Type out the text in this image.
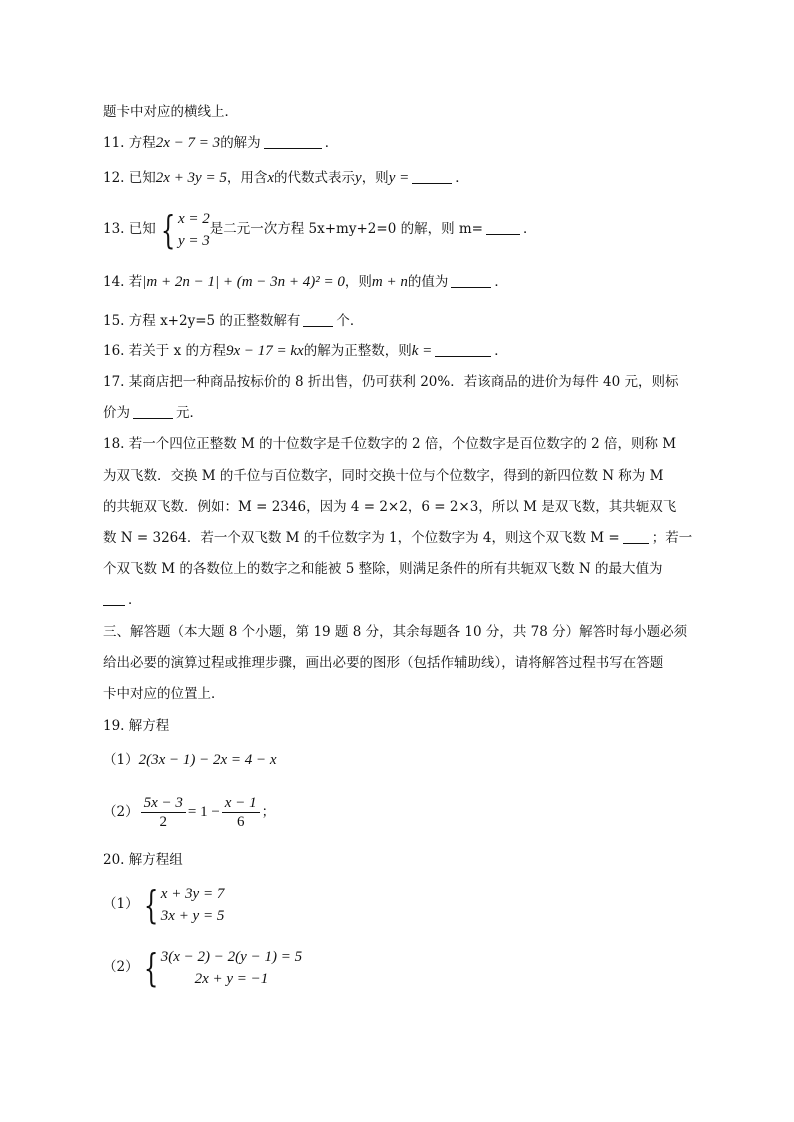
题卡中对应的横线上．
11. 方程2x − 7 = 3的解为	．
12. 已知2x + 3y = 5，用含x的代数式表示y，则y =	．
13. 已知 { x = 2
y = 3
是二元一次方程 5x+my+2=0 的解，则 m=	．
14. 若|m + 2n − 1| + (m − 3n + 4)² = 0，则m + n的值为	．
15. 方程 x+2y=5 的正整数解有	个．
16. 若关于 x 的方程9x − 17 = kx的解为正整数，则k =	．
17. 某商店把一种商品按标价的 8 折出售，仍可获利 20%．若该商品的进价为每件 40 元，则标
价为	元．
18. 若一个四位正整数 M 的十位数字是千位数字的 2 倍，个位数字是百位数字的 2 倍，则称 M
为双飞数．交换 M 的千位与百位数字，同时交换十位与个位数字，得到的新四位数 N 称为 M
的共轭双飞数．例如：M = 2346，因为 4 = 2×2，6 = 2×3，所以 M 是双飞数，其共轭双飞
数 N = 3264．若一个双飞数 M 的千位数字为 1，个位数字为 4，则这个双飞数 M = ；若一
个双飞数 M 的各数位上的数字之和能被 5 整除，则满足条件的所有共轭双飞数 N 的最大值为
．
三、解答题（本大题 8 个小题，第 19 题 8 分，其余每题各 10 分，共 78 分）解答时每小题必须
给出必要的演算过程或推理步骤，画出必要的图形（包括作辅助线），请将解答过程书写在答题
卡中对应的位置上．
19. 解方程
（1）2(3x − 1) − 2x = 4 − x
$(2) \frac{5x - 3}{2} = 1 - \frac{x - 1}{6}$ ；
20. 解方程组
（1） { x + 3y = 7
3x + y = 5
（2） { 3(x − 2) − 2(y − 1) = 5
2x + y = −1
